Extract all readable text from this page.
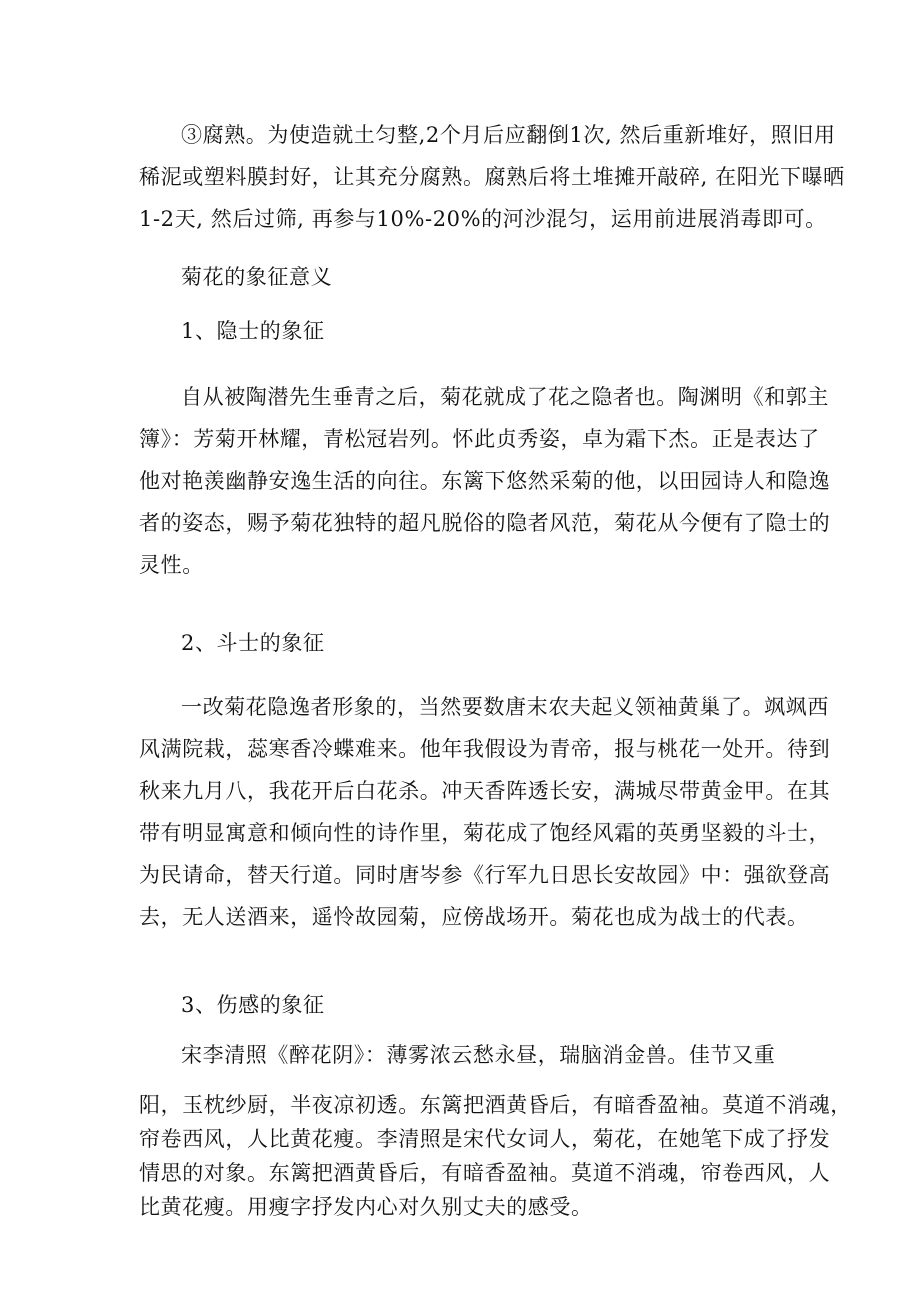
③腐熟。为使造就土匀整,2个月后应翻倒1次, 然后重新堆好，照旧用
稀泥或塑料膜封好，让其充分腐熟。腐熟后将土堆摊开敲碎, 在阳光下曝晒
1-2天, 然后过筛, 再参与10%-20%的河沙混匀，运用前进展消毒即可。

菊花的象征意义

1、隐士的象征

自从被陶潜先生垂青之后，菊花就成了花之隐者也。陶渊明《和郭主
簿》：芳菊开林耀，青松冠岩列。怀此贞秀姿，卓为霜下杰。正是表达了
他对艳羡幽静安逸生活的向往。东篱下悠然采菊的他，以田园诗人和隐逸
者的姿态，赐予菊花独特的超凡脱俗的隐者风范，菊花从今便有了隐士的
灵性。

2、斗士的象征

一改菊花隐逸者形象的，当然要数唐末农夫起义领袖黄巢了。飒飒西
风满院栽，蕊寒香冷蝶难来。他年我假设为青帝，报与桃花一处开。待到
秋来九月八，我花开后白花杀。冲天香阵透长安，满城尽带黄金甲。在其
带有明显寓意和倾向性的诗作里，菊花成了饱经风霜的英勇坚毅的斗士，
为民请命，替天行道。同时唐岑参《行军九日思长安故园》中：强欲登高
去，无人送酒来，遥怜故园菊，应傍战场开。菊花也成为战士的代表。

3、伤感的象征

宋李清照《醉花阴》：薄雾浓云愁永昼，瑞脑消金兽。佳节又重

阳，玉枕纱厨，半夜凉初透。东篱把酒黄昏后，有暗香盈袖。莫道不消魂，
帘卷西风，人比黄花瘦。李清照是宋代女词人，菊花，在她笔下成了抒发
情思的对象。东篱把酒黄昏后，有暗香盈袖。莫道不消魂，帘卷西风，人
比黄花瘦。用瘦字抒发内心对久别丈夫的感受。
